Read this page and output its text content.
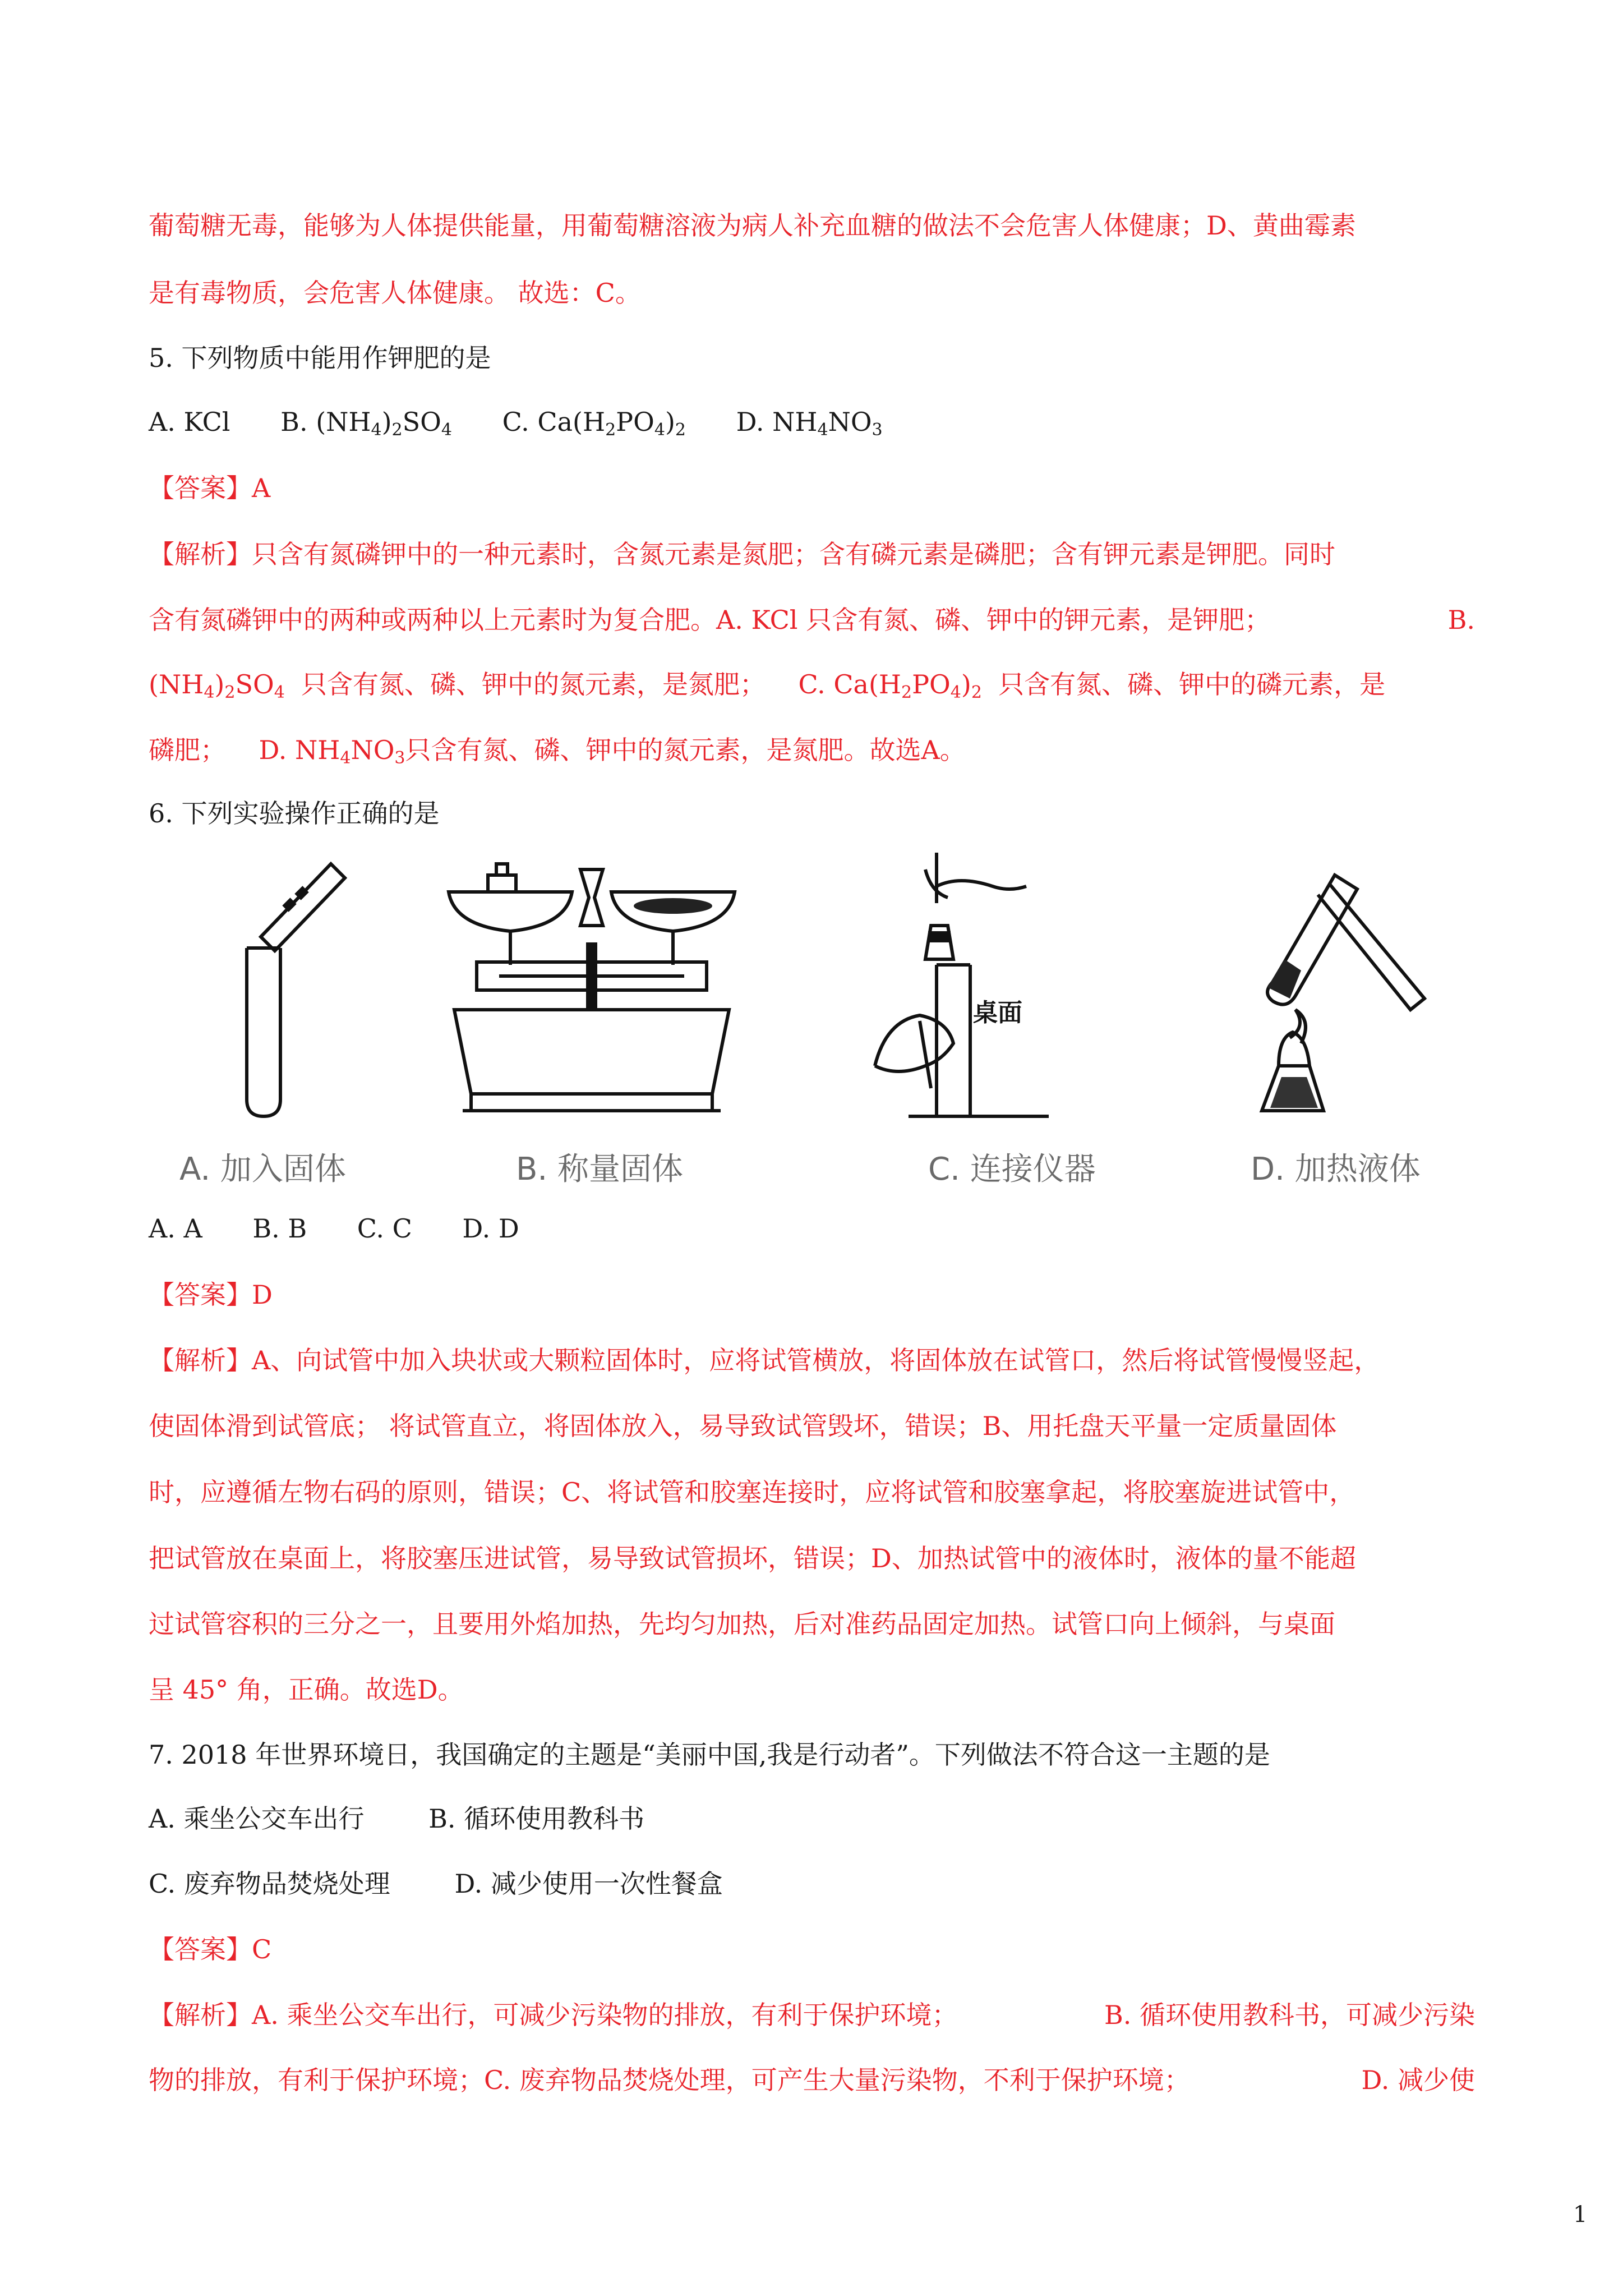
葡萄糖无毒，能够为人体提供能量，用葡萄糖溶液为病人补充血糖的做法不会危害人体健康；D、黄曲霉素
是有毒物质，会危害人体健康。 故选：C。
5. 下列物质中能用作钾肥的是
A. KCl B. $(NH_4)_2SO_4$ C. $Ca(H_2PO_4)_2$ D. $NH_4NO_3$
【答案】A
【解析】只含有氮磷钾中的一种元素时，含氮元素是氮肥；含有磷元素是磷肥；含有钾元素是钾肥。同时
含有氮磷钾中的两种或两种以上元素时为复合肥。A. KCl 只含有氮、磷、钾中的钾元素，是钾肥；	B.
$(NH_4)_2SO_4$ 只含有氮、磷、钾中的氮元素，是氮肥； C. $Ca(H_2PO_4)_2$ 只含有氮、磷、钾中的磷元素，是
磷肥； D. $NH_4NO_3$只含有氮、磷、钾中的氮元素，是氮肥。故选A。
6. 下列实验操作正确的是
桌面
A. 加入固体	B. 称量固体	C. 连接仪器	D. 加热液体
A. A B. B C. C D. D
【答案】D
【解析】A、向试管中加入块状或大颗粒固体时，应将试管横放，将固体放在试管口，然后将试管慢慢竖起，
使固体滑到试管底； 将试管直立，将固体放入，易导致试管毁坏，错误；B、用托盘天平量一定质量固体
时，应遵循左物右码的原则，错误；C、将试管和胶塞连接时，应将试管和胶塞拿起，将胶塞旋进试管中，
把试管放在桌面上，将胶塞压进试管，易导致试管损坏，错误；D、加热试管中的液体时，液体的量不能超
过试管容积的三分之一，且要用外焰加热，先均匀加热，后对准药品固定加热。试管口向上倾斜，与桌面
呈 45° 角，正确。故选D。
7. 2018 年世界环境日，我国确定的主题是“美丽中国,我是行动者”。下列做法不符合这一主题的是
A. 乘坐公交车出行 B. 循环使用教科书
C. 废弃物品焚烧处理 D. 减少使用一次性餐盒
【答案】C
【解析】A. 乘坐公交车出行，可减少污染物的排放，有利于保护环境；	B. 循环使用教科书，可减少污染
物的排放，有利于保护环境；C. 废弃物品焚烧处理，可产生大量污染物，不利于保护环境；	D. 减少使
1
